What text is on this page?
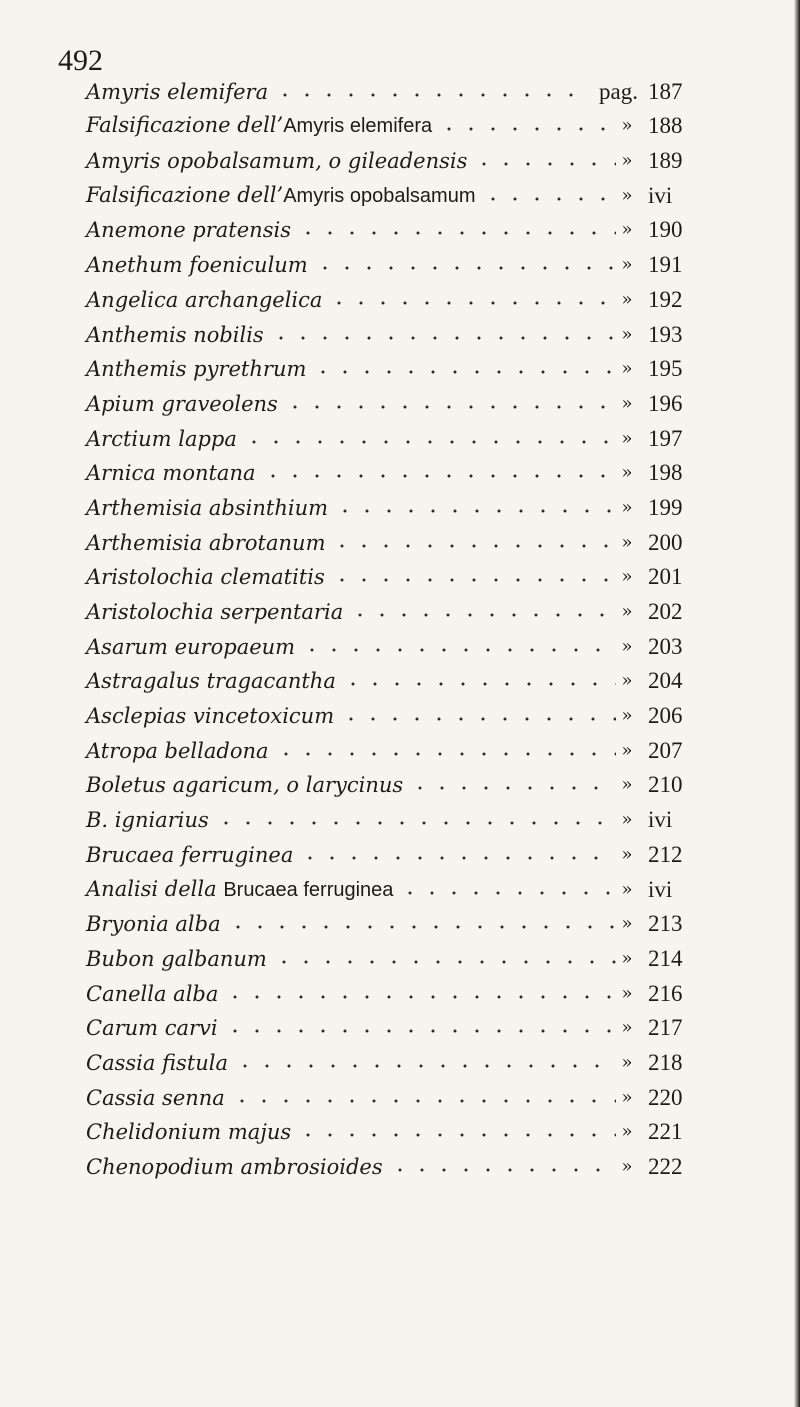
492
Amyris elemifera	pag. 187
Falsificazione dell’Amyris elemifera	» 188
Amyris opobalsamum, o gileadensis	» 189
Falsificazione dell’Amyris opobalsamum	» ivi
Anemone pratensis	» 190
Anethum foeniculum	» 191
Angelica archangelica	» 192
Anthemis nobilis	» 193
Anthemis pyrethrum	» 195
Apium graveolens	» 196
Arctium lappa	» 197
Arnica montana	» 198
Arthemisia absinthium	» 199
Arthemisia abrotanum	» 200
Aristolochia clematitis	» 201
Aristolochia serpentaria	» 202
Asarum europaeum	» 203
Astragalus tragacantha	» 204
Asclepias vincetoxicum	» 206
Atropa belladona	» 207
Boletus agaricum, o larycinus	» 210
B. igniarius	» ivi
Brucaea ferruginea	» 212
Analisi della Brucaea ferruginea	» ivi
Bryonia alba	» 213
Bubon galbanum	» 214
Canella alba	» 216
Carum carvi	» 217
Cassia fistula	» 218
Cassia senna	» 220
Chelidonium majus	» 221
Chenopodium ambrosioides	» 222
